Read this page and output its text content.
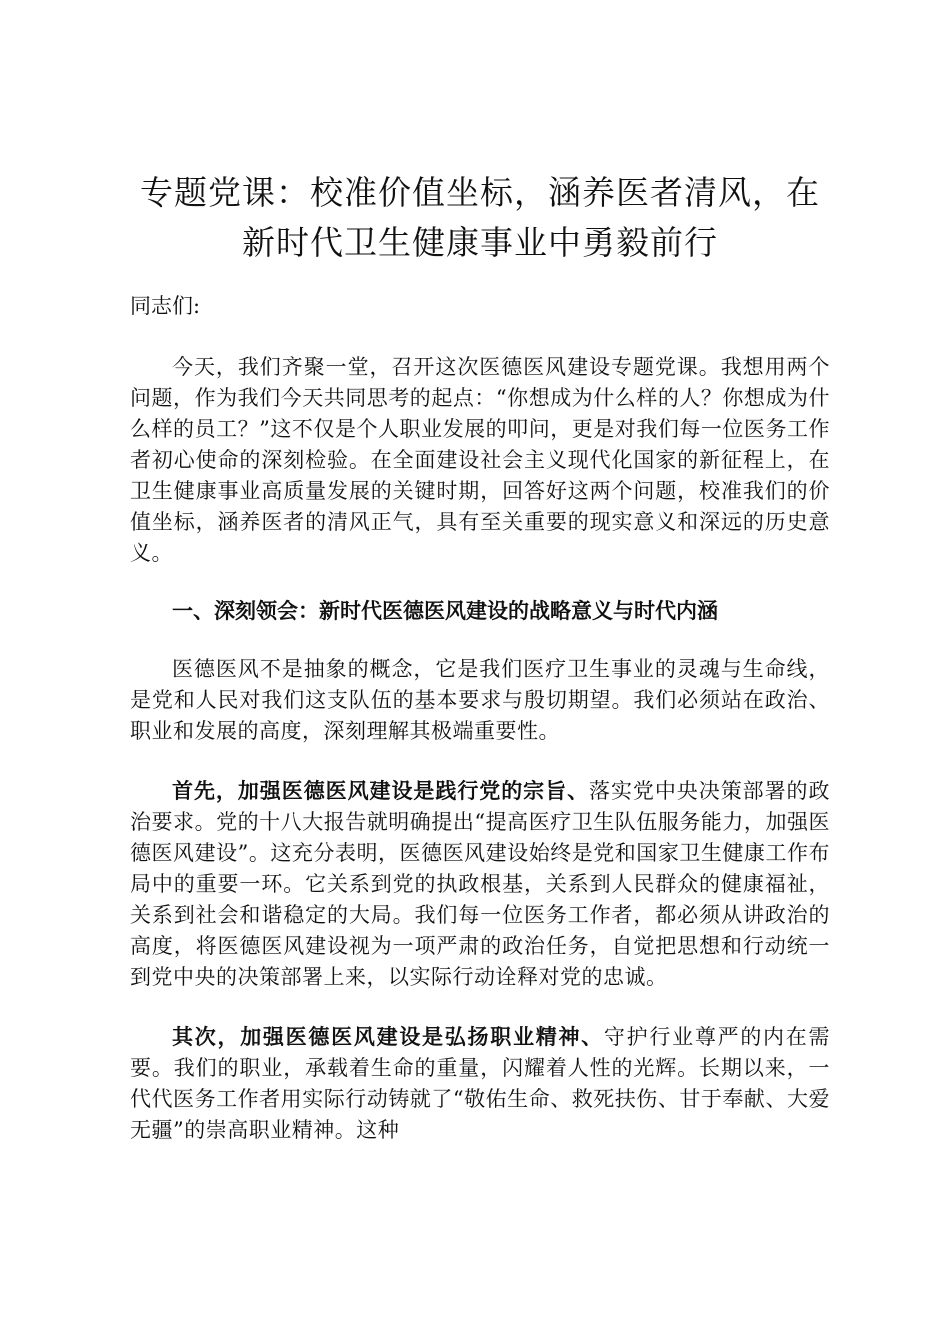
专题党课：校准价值坐标，涵养医者清风，在
新时代卫生健康事业中勇毅前行

同志们:

今天，我们齐聚一堂，召开这次医德医风建设专题党课。我想用两个问题，作为我们今天共同思考的起点：“你想成为什么样的人？你想成为什么样的员工？”这不仅是个人职业发展的叩问，更是对我们每一位医务工作者初心使命的深刻检验。在全面建设社会主义现代化国家的新征程上，在卫生健康事业高质量发展的关键时期，回答好这两个问题，校准我们的价值坐标，涵养医者的清风正气，具有至关重要的现实意义和深远的历史意义。

一、深刻领会：新时代医德医风建设的战略意义与时代内涵

医德医风不是抽象的概念，它是我们医疗卫生事业的灵魂与生命线，是党和人民对我们这支队伍的基本要求与殷切期望。我们必须站在政治、职业和发展的高度，深刻理解其极端重要性。

首先，加强医德医风建设是践行党的宗旨、落实党中央决策部署的政治要求。党的十八大报告就明确提出“提高医疗卫生队伍服务能力，加强医德医风建设”。这充分表明，医德医风建设始终是党和国家卫生健康工作布局中的重要一环。它关系到党的执政根基，关系到人民群众的健康福祉，关系到社会和谐稳定的大局。我们每一位医务工作者，都必须从讲政治的高度，将医德医风建设视为一项严肃的政治任务，自觉把思想和行动统一到党中央的决策部署上来，以实际行动诠释对党的忠诚。

其次，加强医德医风建设是弘扬职业精神、守护行业尊严的内在需要。我们的职业，承载着生命的重量，闪耀着人性的光辉。长期以来，一代代医务工作者用实际行动铸就了“敬佑生命、救死扶伤、甘于奉献、大爱无疆”的崇高职业精神。这种
